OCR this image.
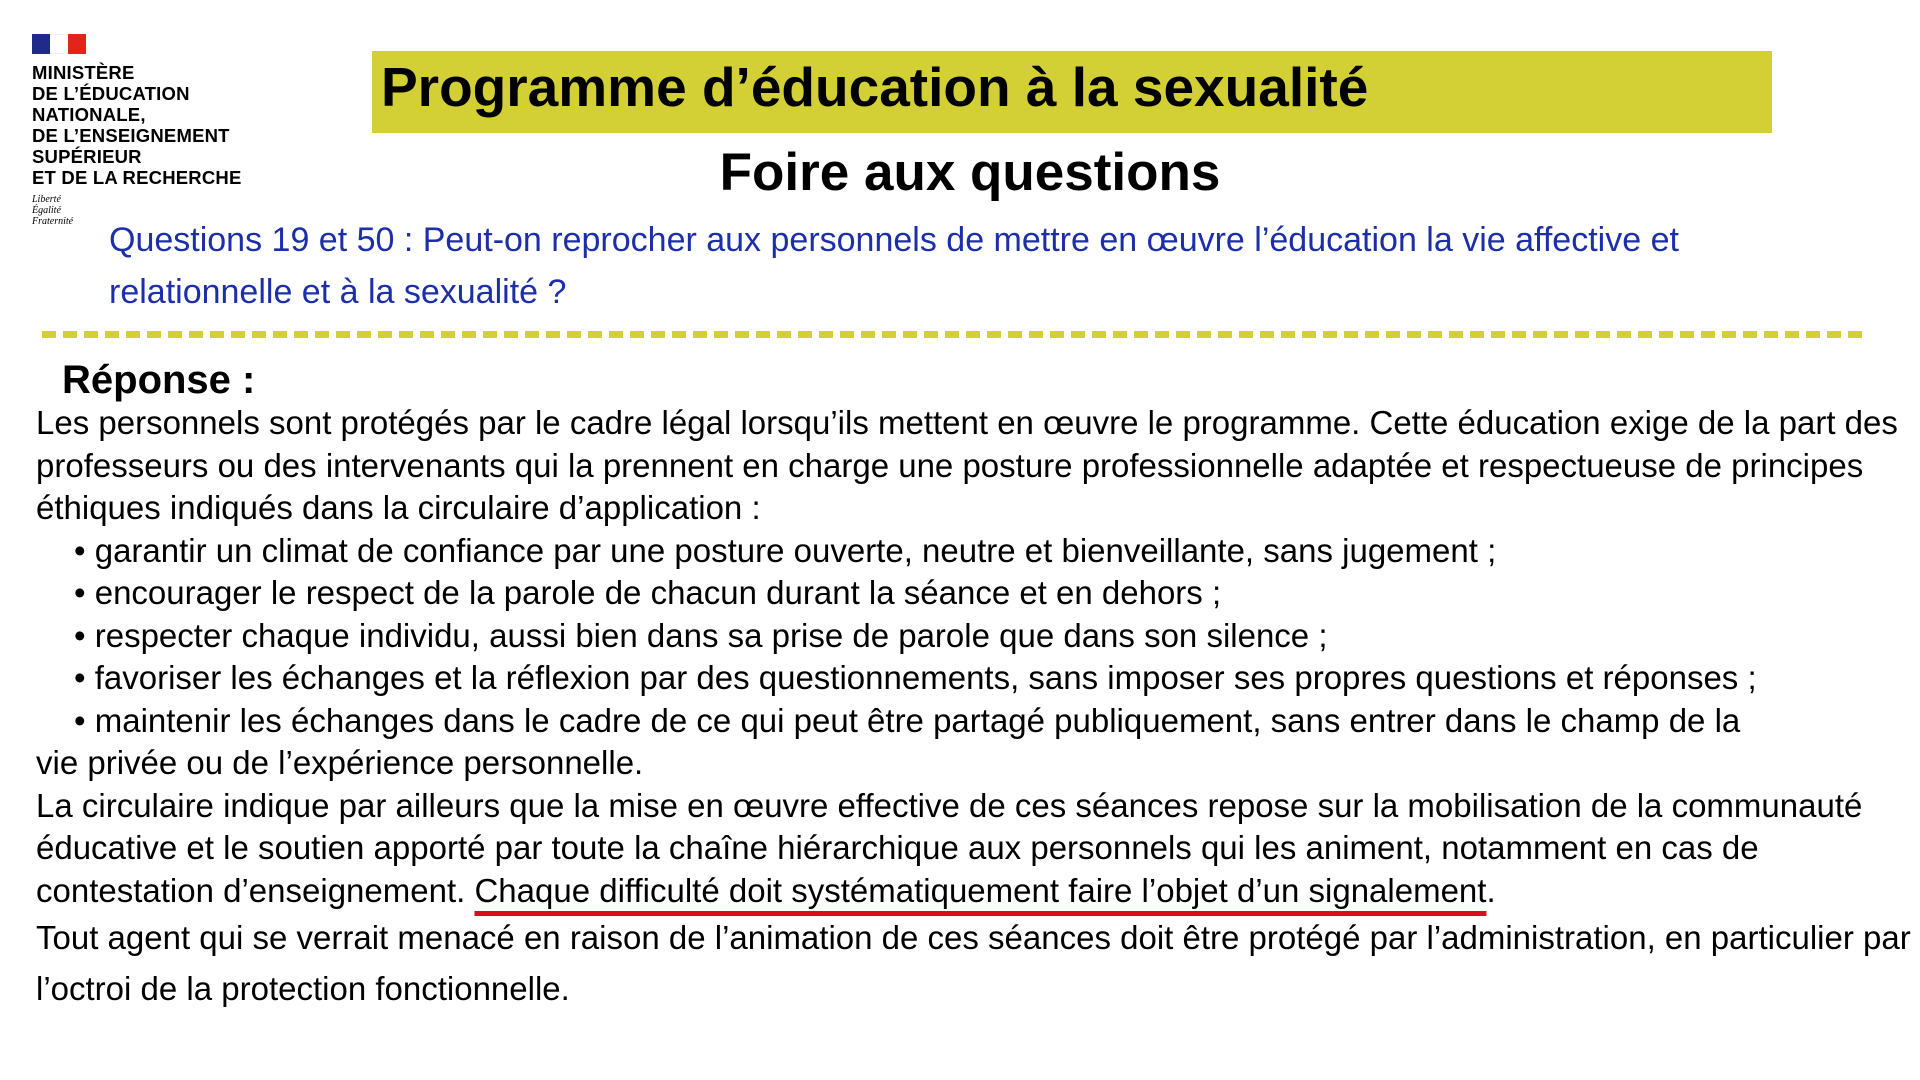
MINISTÈRE
DE L’ÉDUCATION
NATIONALE,
DE L’ENSEIGNEMENT
SUPÉRIEUR
ET DE LA RECHERCHE
Liberté
Égalité
Fraternité
Programme d’éducation à la sexualité
Foire aux questions
Questions 19 et 50 : Peut-on reprocher aux personnels de mettre en œuvre l’éducation la vie affective et relationnelle et à la sexualité ?
Réponse :

Les personnels sont protégés par le cadre légal lorsqu’ils mettent en œuvre le programme. Cette éducation exige de la part des professeurs ou des intervenants qui la prennent en charge une posture professionnelle adaptée et respectueuse de principes éthiques indiqués dans la circulaire d’application :

• garantir un climat de confiance par une posture ouverte, neutre et bienveillante, sans jugement ;

• encourager le respect de la parole de chacun durant la séance et en dehors ;

• respecter chaque individu, aussi bien dans sa prise de parole que dans son silence ;

• favoriser les échanges et la réflexion par des questionnements, sans imposer ses propres questions et réponses ;

• maintenir les échanges dans le cadre de ce qui peut être partagé publiquement, sans entrer dans le champ de la

vie privée ou de l’expérience personnelle.

La circulaire indique par ailleurs que la mise en œuvre effective de ces séances repose sur la mobilisation de la communauté éducative et le soutien apporté par toute la chaîne hiérarchique aux personnels qui les animent, notamment en cas de contestation d’enseignement. Chaque difficulté doit systématiquement faire l’objet d’un signalement.

Tout agent qui se verrait menacé en raison de l’animation de ces séances doit être protégé par l’administration, en particulier par l’octroi de la protection fonctionnelle.
